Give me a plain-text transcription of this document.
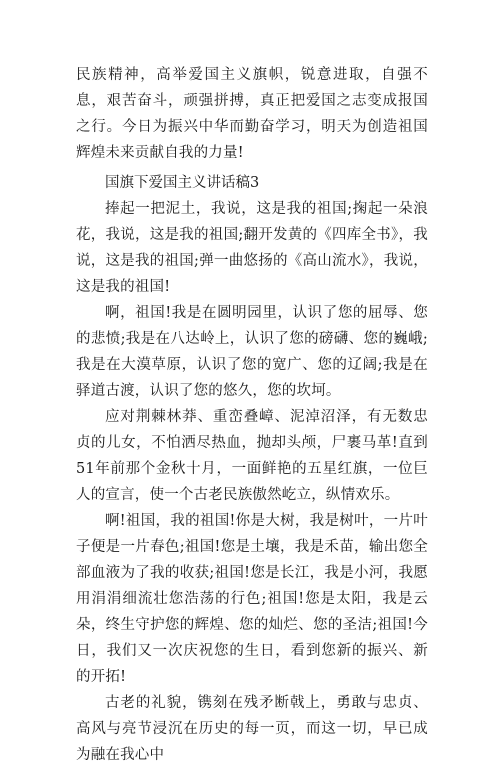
民族精神，高举爱国主义旗帜，锐意进取，自强不息，艰苦奋斗，顽强拼搏，真正把爱国之志变成报国之行。今日为振兴中华而勤奋学习，明天为创造祖国辉煌未来贡献自我的力量!

国旗下爱国主义讲话稿3

捧起一把泥土，我说，这是我的祖国;掬起一朵浪花，我说，这是我的祖国;翻开发黄的《四库全书》，我说，这是我的祖国;弹一曲悠扬的《高山流水》，我说，这是我的祖国!

啊，祖国!我是在圆明园里，认识了您的屈辱、您的悲愤;我是在八达岭上，认识了您的磅礴、您的巍峨;我是在大漠草原，认识了您的宽广、您的辽阔;我是在驿道古渡，认识了您的悠久，您的坎坷。

应对荆棘林莽、重峦叠嶂、泥淖沼泽，有无数忠贞的儿女，不怕洒尽热血，抛却头颅，尸裹马革!直到51年前那个金秋十月，一面鲜艳的五星红旗，一位巨人的宣言，使一个古老民族傲然屹立，纵情欢乐。

啊!祖国，我的祖国!你是大树，我是树叶，一片叶子便是一片春色;祖国!您是土壤，我是禾苗，输出您全部血液为了我的收获;祖国!您是长江，我是小河，我愿用涓涓细流壮您浩荡的行色;祖国!您是太阳，我是云朵，终生守护您的辉煌、您的灿烂、您的圣洁;祖国!今日，我们又一次庆祝您的生日，看到您新的振兴、新的开拓!

古老的礼貌，镌刻在残矛断戟上，勇敢与忠贞、高风与亮节浸沉在历史的每一页，而这一切，早已成为融在我心中
